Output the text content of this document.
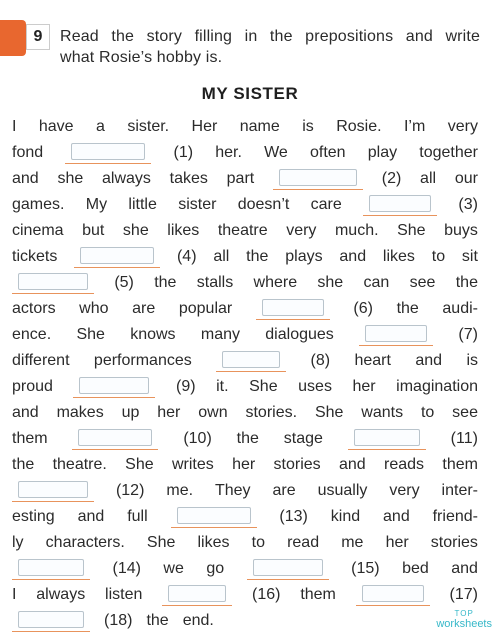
9	Read the story filling in the prepositions and write
what Rosie’s hobby is.
MY SISTER
I have a sister. Her name is Rosie. I’m very
fond	(1) her. We often play together
and she always takes part	(2) all our
games. My little sister doesn’t care	(3)
cinema but she likes theatre very much. She buys
tickets	(4) all the plays and likes to sit
(5) the stalls where she can see the
actors who are popular	(6) the audi-
ence. She knows many dialogues	(7)
different performances	(8) heart and is
proud	(9) it. She uses her imagination
and makes up her own stories. She wants to see
them	(10) the stage	(11)
the theatre. She writes her stories and reads them
(12) me. They are usually very inter-
esting and full	(13) kind and friend-
ly characters. She likes to read me her stories
(14) we go	(15) bed and
I always listen	(16) them	(17)
(18) the end.	TOP
worksheets
